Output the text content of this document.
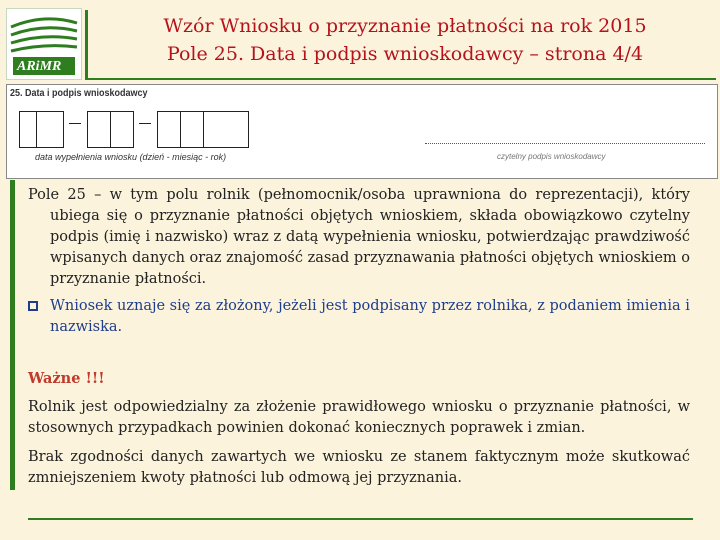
ARiMR
Wzór Wniosku o przyznanie płatności na rok 2015
Pole 25. Data i podpis wnioskodawcy – strona 4/4
25. Data i podpis wnioskodawcy
data wypełnienia wniosku (dzień - miesiąc - rok)	czytelny podpis wnioskodawcy

Pole 25 – w tym polu rolnik (pełnomocnik/osoba uprawniona do reprezentacji), który ubiega się o przyznanie płatności objętych wnioskiem, składa obowiązkowo czytelny podpis (imię i nazwisko) wraz z datą wypełnienia wniosku, potwierdzając prawdziwość wpisanych danych oraz znajomość zasad przyznawania płatności objętych wnioskiem o przyznanie płatności.

Wniosek uznaje się za złożony, jeżeli jest podpisany przez rolnika, z podaniem imienia i nazwiska.
Ważne !!!

Rolnik jest odpowiedzialny za złożenie prawidłowego wniosku o przyznanie płatności, w stosownych przypadkach powinien dokonać koniecznych poprawek i zmian.

Brak zgodności danych zawartych we wniosku ze stanem faktycznym może skutkować zmniejszeniem kwoty płatności lub odmową jej przyznania.
